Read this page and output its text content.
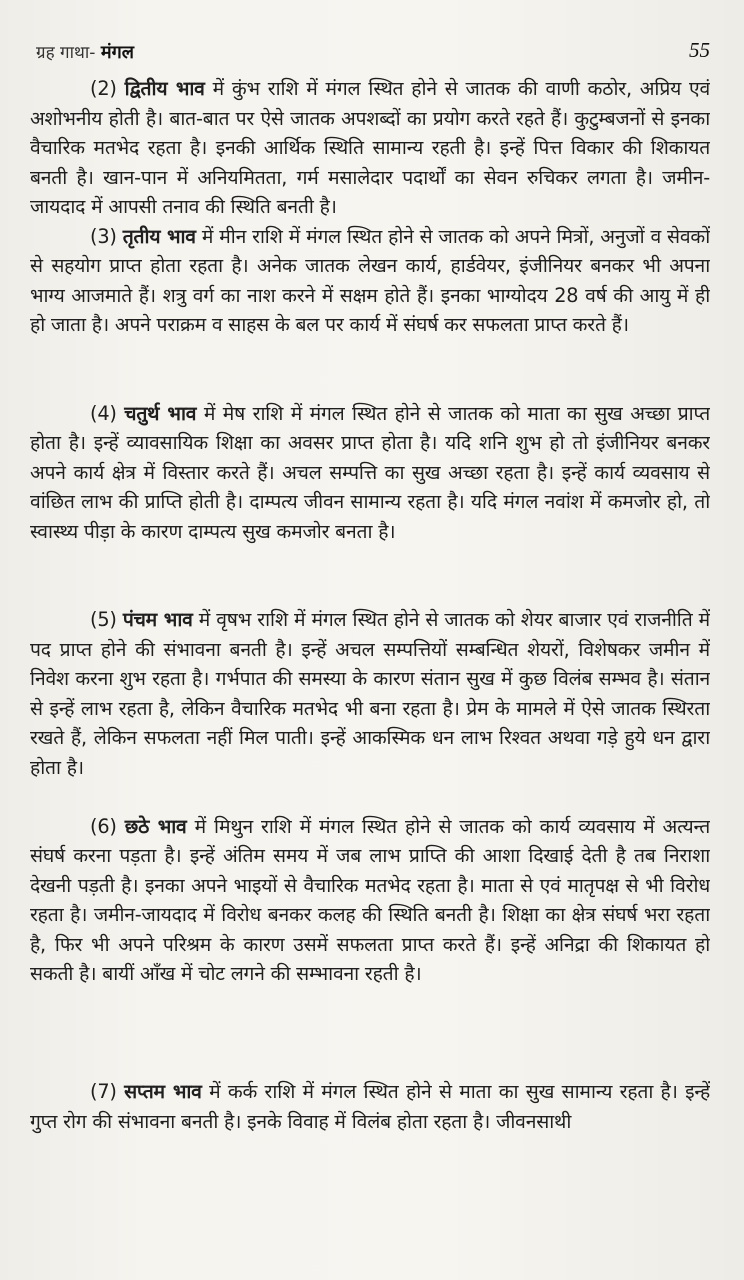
ग्रह गाथा- मंगल	55

(2) द्वितीय भाव में कुंभ राशि में मंगल स्थित होने से जातक की वाणी कठोर, अप्रिय एवं अशोभनीय होती है। बात-बात पर ऐसे जातक अपशब्दों का प्रयोग करते रहते हैं। कुटुम्बजनों से इनका वैचारिक मतभेद रहता है। इनकी आर्थिक स्थिति सामान्य रहती है। इन्हें पित्त विकार की शिकायत बनती है। खान-पान में अनियमितता, गर्म मसालेदार पदार्थों का सेवन रुचिकर लगता है। जमीन-जायदाद में आपसी तनाव की स्थिति बनती है।

(3) तृतीय भाव में मीन राशि में मंगल स्थित होने से जातक को अपने मित्रों, अनुजों व सेवकों से सहयोग प्राप्त होता रहता है। अनेक जातक लेखन कार्य, हार्डवेयर, इंजीनियर बनकर भी अपना भाग्य आजमाते हैं। शत्रु वर्ग का नाश करने में सक्षम होते हैं। इनका भाग्योदय 28 वर्ष की आयु में ही हो जाता है। अपने पराक्रम व साहस के बल पर कार्य में संघर्ष कर सफलता प्राप्त करते हैं।

(4) चतुर्थ भाव में मेष राशि में मंगल स्थित होने से जातक को माता का सुख अच्छा प्राप्त होता है। इन्हें व्यावसायिक शिक्षा का अवसर प्राप्त होता है। यदि शनि शुभ हो तो इंजीनियर बनकर अपने कार्य क्षेत्र में विस्तार करते हैं। अचल सम्पत्ति का सुख अच्छा रहता है। इन्हें कार्य व्यवसाय से वांछित लाभ की प्राप्ति होती है। दाम्पत्य जीवन सामान्य रहता है। यदि मंगल नवांश में कमजोर हो, तो स्वास्थ्य पीड़ा के कारण दाम्पत्य सुख कमजोर बनता है।

(5) पंचम भाव में वृषभ राशि में मंगल स्थित होने से जातक को शेयर बाजार एवं राजनीति में पद प्राप्त होने की संभावना बनती है। इन्हें अचल सम्पत्तियों सम्बन्धित शेयरों, विशेषकर जमीन में निवेश करना शुभ रहता है। गर्भपात की समस्या के कारण संतान सुख में कुछ विलंब सम्भव है। संतान से इन्हें लाभ रहता है, लेकिन वैचारिक मतभेद भी बना रहता है। प्रेम के मामले में ऐसे जातक स्थिरता रखते हैं, लेकिन सफलता नहीं मिल पाती। इन्हें आकस्मिक धन लाभ रिश्वत अथवा गड़े हुये धन द्वारा होता है।

(6) छठे भाव में मिथुन राशि में मंगल स्थित होने से जातक को कार्य व्यवसाय में अत्यन्त संघर्ष करना पड़ता है। इन्हें अंतिम समय में जब लाभ प्राप्ति की आशा दिखाई देती है तब निराशा देखनी पड़ती है। इनका अपने भाइयों से वैचारिक मतभेद रहता है। माता से एवं मातृपक्ष से भी विरोध रहता है। जमीन-जायदाद में विरोध बनकर कलह की स्थिति बनती है। शिक्षा का क्षेत्र संघर्ष भरा रहता है, फिर भी अपने परिश्रम के कारण उसमें सफलता प्राप्त करते हैं। इन्हें अनिद्रा की शिकायत हो सकती है। बायीं आँख में चोट लगने की सम्भावना रहती है।

(7) सप्तम भाव में कर्क राशि में मंगल स्थित होने से माता का सुख सामान्य रहता है। इन्हें गुप्त रोग की संभावना बनती है। इनके विवाह में विलंब होता रहता है। जीवनसाथी
